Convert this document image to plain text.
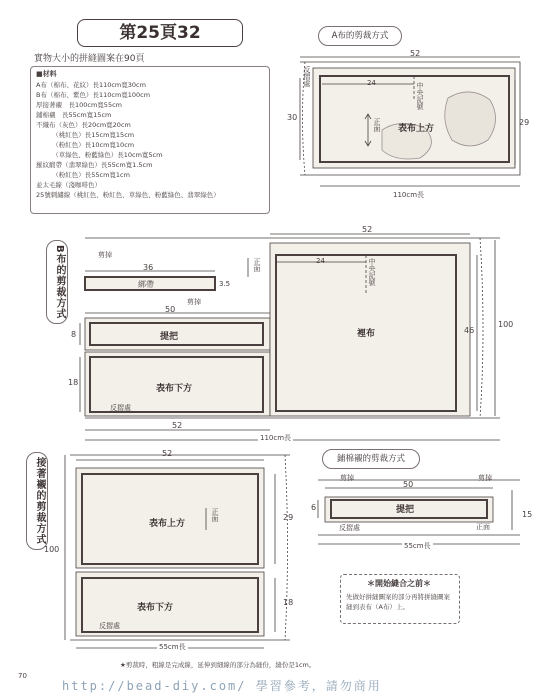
第25頁32
實物大小的拼縫圖案在90頁
■材料
A布（棉布、花紋）長110cm寬30cm
B布（棉布、紫色）長110cm寬100cm
厚接著襯　長100cm寬55cm
鋪棉襯　長55cm寬15cm
不織布（灰色）長20cm寬20cm
　　　（桃紅色）長15cm寬15cm
　　　（粉紅色）長10cm寬10cm
　　　（草綠色、粉藍綠色）長10cm寬5cm
羅紋緞帶（翡翠綠色）長55cm寬1.5cm
　　　（粉紅色）長55cm寬1cm
並太毛線（淺咖啡色）
25號刺繡線（桃紅色、粉紅色、草綠色、粉藍綠色、翡翠綠色）
A布的剪裁方式
52
24
30
29
反摺處
中央記號
正面 表布上方
110cm長
B布的剪裁方式	剪掉
36
綁帶	3.5
正面
剪掉
50
8	提把
18
表布下方
反摺處
52
52
24	中央記號
裡布	46
100
110cm長
接著襯的剪裁方式
52
表布上方
正面	29
100
表布下方
18
反摺處
55cm長
鋪棉襯的剪裁方式
剪掉	剪掉
50
6	提把
反摺處	正面
15
55cm長
＊開始縫合之前＊
先做好拼縫圖案的部分再將拼縫圖案縫到表布（A布）上。
★剪裁時，粗線是完成線，延伸到細線的部分為縫份，縫份是1cm。
70
http://bead-diy.com/ 學習參考，請勿商用
